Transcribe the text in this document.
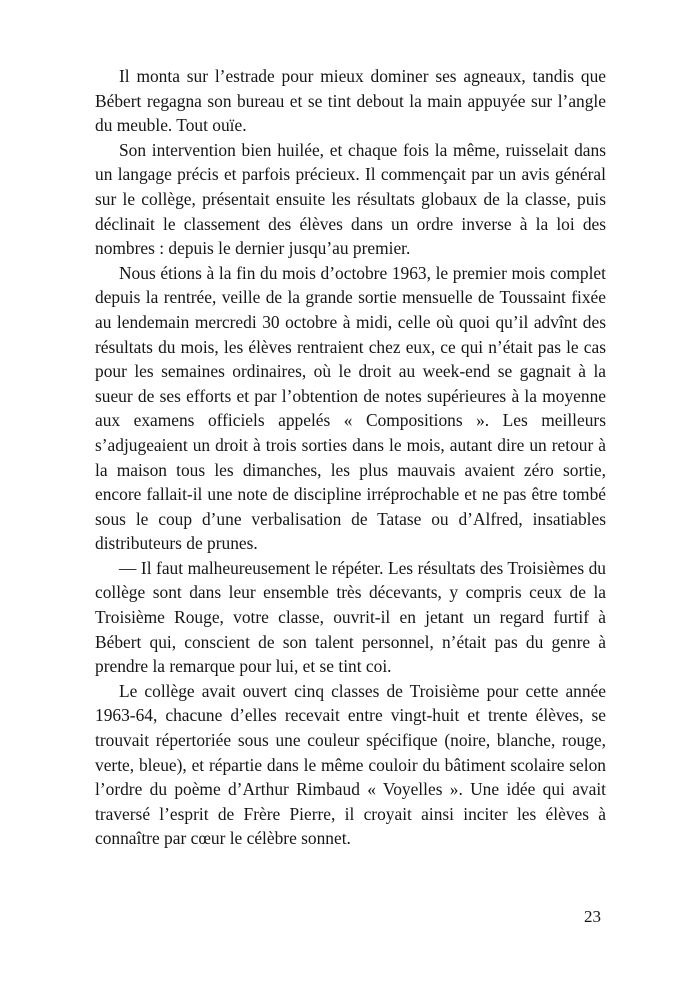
Il monta sur l’estrade pour mieux dominer ses agneaux, tandis que Bébert regagna son bureau et se tint debout la main appuyée sur l’angle du meuble. Tout ouïe.

Son intervention bien huilée, et chaque fois la même, ruisselait dans un langage précis et parfois précieux. Il commençait par un avis général sur le collège, présentait ensuite les résultats globaux de la classe, puis déclinait le classement des élèves dans un ordre inverse à la loi des nombres : depuis le dernier jusqu’au premier.

Nous étions à la fin du mois d’octobre 1963, le premier mois complet depuis la rentrée, veille de la grande sortie mensuelle de Toussaint fixée au lendemain mercredi 30 octobre à midi, celle où quoi qu’il advînt des résultats du mois, les élèves rentraient chez eux, ce qui n’était pas le cas pour les semaines ordinaires, où le droit au week-end se gagnait à la sueur de ses efforts et par l’obtention de notes supérieures à la moyenne aux examens officiels appelés « Compositions ». Les meilleurs s’adjugeaient un droit à trois sorties dans le mois, autant dire un retour à la maison tous les dimanches, les plus mauvais avaient zéro sortie, encore fallait-il une note de discipline irréprochable et ne pas être tombé sous le coup d’une verbalisation de Tatase ou d’Alfred, insatiables distributeurs de prunes.

— Il faut malheureusement le répéter. Les résultats des Troisièmes du collège sont dans leur ensemble très décevants, y compris ceux de la Troisième Rouge, votre classe, ouvrit-il en jetant un regard furtif à Bébert qui, conscient de son talent personnel, n’était pas du genre à prendre la remarque pour lui, et se tint coi.

Le collège avait ouvert cinq classes de Troisième pour cette année 1963-64, chacune d’elles recevait entre vingt-huit et trente élèves, se trouvait répertoriée sous une couleur spécifique (noire, blanche, rouge, verte, bleue), et répartie dans le même couloir du bâtiment scolaire selon l’ordre du poème d’Arthur Rimbaud « Voyelles ». Une idée qui avait traversé l’esprit de Frère Pierre, il croyait ainsi inciter les élèves à connaître par cœur le célèbre sonnet.

23
